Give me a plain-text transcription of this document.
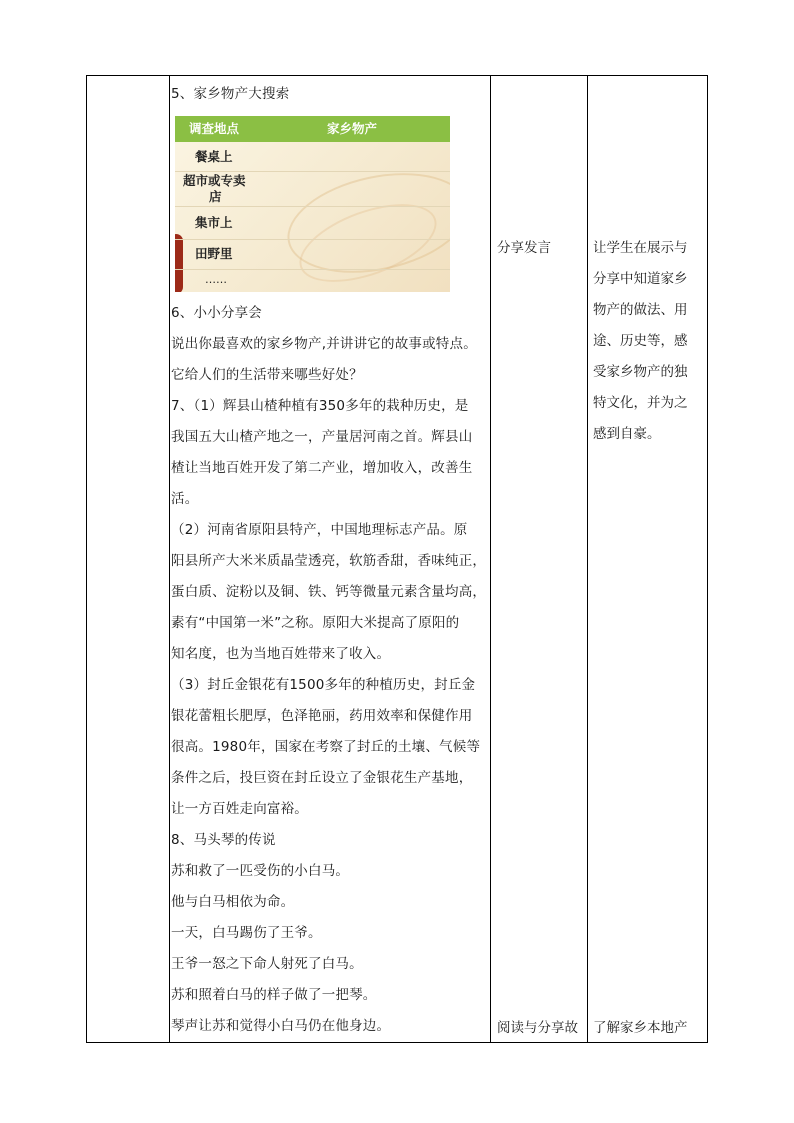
5、家乡物产大搜索

调查地点	家乡物产
餐桌上
超市或专卖
店
集市上
田野里
……

6、小小分享会

说出你最喜欢的家乡物产,并讲讲它的故事或特点。

它给人们的生活带来哪些好处？

7、（1）辉县山楂种植有350多年的栽种历史，是

我国五大山楂产地之一，产量居河南之首。辉县山

楂让当地百姓开发了第二产业，增加收入，改善生

活。

（2）河南省原阳县特产，中国地理标志产品。原

阳县所产大米米质晶莹透亮，软筋香甜，香味纯正，

蛋白质、淀粉以及铜、铁、钙等微量元素含量均高，

素有“中国第一米”之称。原阳大米提高了原阳的

知名度，也为当地百姓带来了收入。

（3）封丘金银花有1500多年的种植历史，封丘金

银花蕾粗长肥厚，色泽艳丽，药用效率和保健作用

很高。1980年，国家在考察了封丘的土壤、气候等

条件之后，投巨资在封丘设立了金银花生产基地，

让一方百姓走向富裕。

8、马头琴的传说

苏和救了一匹受伤的小白马。

他与白马相依为命。

一天，白马踢伤了王爷。

王爷一怒之下命人射死了白马。

苏和照着白马的样子做了一把琴。

琴声让苏和觉得小白马仍在他身边。

分享发言

阅读与分享故

让学生在展示与

分享中知道家乡

物产的做法、用

途、历史等，感

受家乡物产的独

特文化，并为之

感到自豪。

了解家乡本地产
